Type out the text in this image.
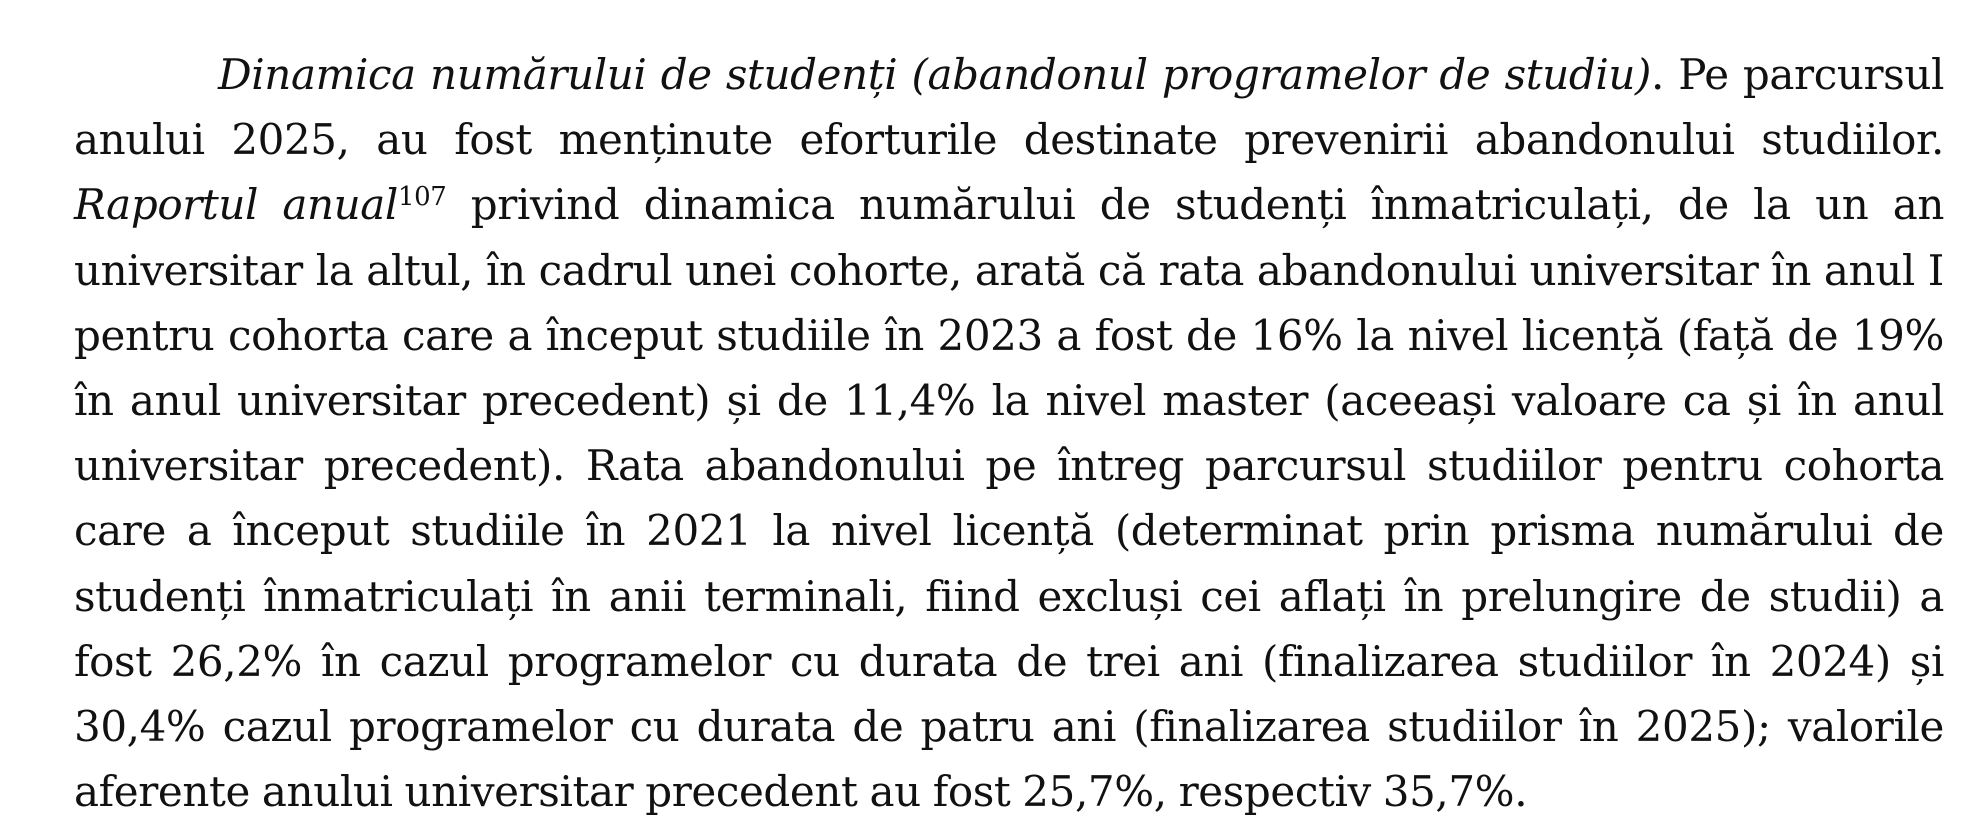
Dinamica numărului de studenți (abandonul programelor de studiu). Pe parcursul anului 2025, au fost menținute eforturile destinate prevenirii abandonului studiilor. Raportul anual$^{107}$ privind dinamica numărului de studenți înmatriculați, de la un an universitar la altul, în cadrul unei cohorte, arată că rata abandonului universitar în anul I pentru cohorta care a început studiile în 2023 a fost de 16% la nivel licență (față de 19% în anul universitar precedent) și de 11,4% la nivel master (aceeași valoare ca și în anul universitar precedent). Rata abandonului pe întreg parcursul studiilor pentru cohorta care a început studiile în 2021 la nivel licență (determinat prin prisma numărului de studenți înmatriculați în anii terminali, fiind excluși cei aflați în prelungire de studii) a fost 26,2% în cazul programelor cu durata de trei ani (finalizarea studiilor în 2024) și 30,4% cazul programelor cu durata de patru ani (finalizarea studiilor în 2025); valorile aferente anului universitar precedent au fost 25,7%, respectiv 35,7%.
